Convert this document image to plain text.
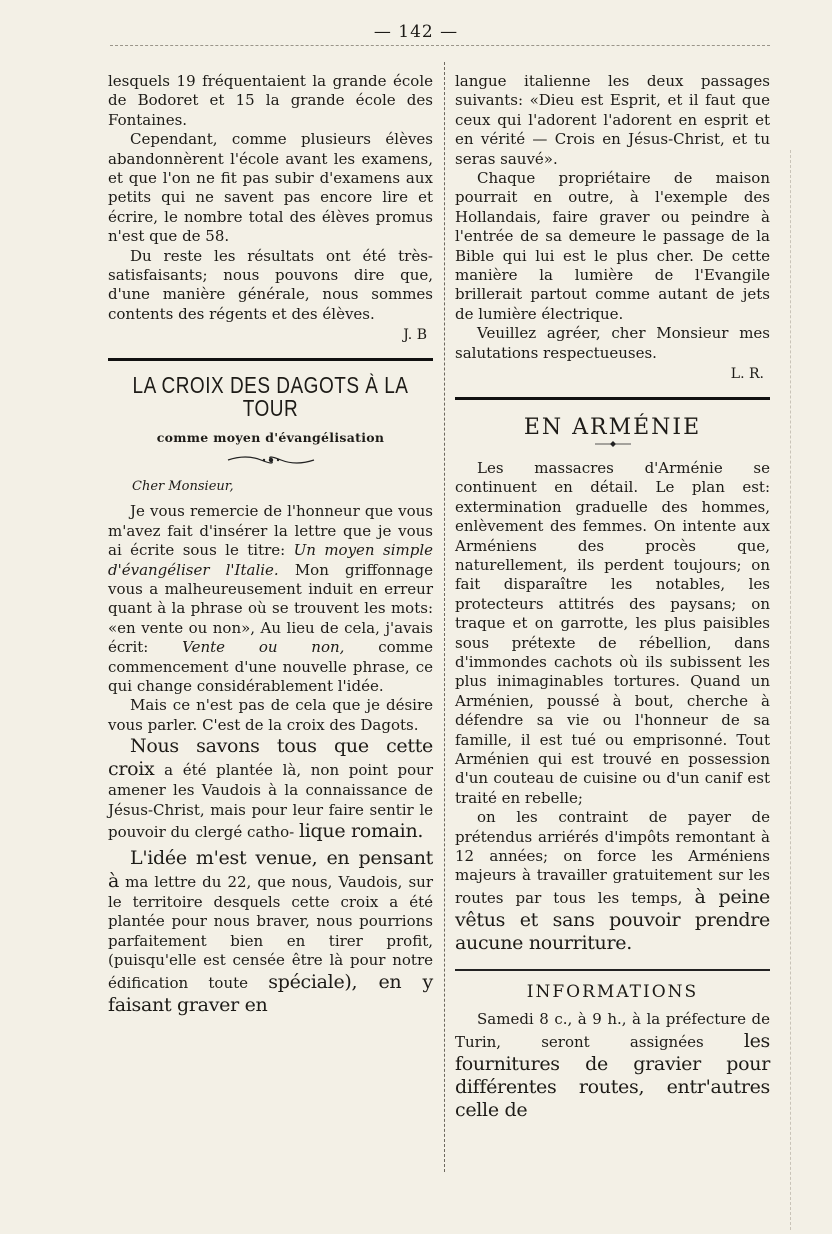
— 142 —

lesquels 19 fréquentaient la grande école de Bodoret et 15 la grande école des Fontaines.

Cependant, comme plusieurs élèves abandonnèrent l'école avant les examens, et que l'on ne fit pas subir d'examens aux petits qui ne savent pas encore lire et écrire, le nombre total des élèves promus n'est que de 58.

Du reste les résultats ont été très-satisfaisants; nous pouvons dire que, d'une manière générale, nous sommes contents des régents et des élèves.

J. B
LA CROIX DES DAGOTS À LA TOUR
comme moyen d'évangélisation
Cher Monsieur,

Je vous remercie de l'honneur que vous m'avez fait d'insérer la lettre que je vous ai écrite sous le titre: Un moyen simple d'évangéliser l'Italie. Mon griffonnage vous a malheureusement induit en erreur quant à la phrase où se trouvent les mots: «en vente ou non», Au lieu de cela, j'avais écrit: Vente ou non, comme commencement d'une nouvelle phrase, ce qui change considérablement l'idée.

Mais ce n'est pas de cela que je désire vous parler. C'est de la croix des Dagots.

Nous savons tous que cette croix a été plantée là, non point pour amener les Vaudois à la connaissance de Jésus-Christ, mais pour leur faire sentir le pouvoir du clergé catho- lique romain.

L'idée m'est venue, en pensant à ma lettre du 22, que nous, Vaudois, sur le territoire desquels cette croix a été plantée pour nous braver, nous pourrions parfaitement bien en tirer profit, (puisqu'elle est censée être là pour notre édification toute spéciale), en y faisant graver en

langue italienne les deux passages suivants: «Dieu est Esprit, et il faut que ceux qui l'adorent l'adorent en esprit et en vérité — Crois en Jésus-Christ, et tu seras sauvé».

Chaque propriétaire de maison pourrait en outre, à l'exemple des Hollandais, faire graver ou peindre à l'entrée de sa demeure le passage de la Bible qui lui est le plus cher. De cette manière la lumière de l'Evangile brillerait partout comme autant de jets de lumière électrique.

Veuillez agréer, cher Monsieur mes salutations respectueuses.

L. R.
EN ARMÉNIE

Les massacres d'Arménie se continuent en détail. Le plan est: extermination graduelle des hommes, enlèvement des femmes. On intente aux Arméniens des procès que, naturellement, ils perdent toujours; on fait disparaître les notables, les protecteurs attitrés des paysans; on traque et on garrotte, les plus paisibles sous prétexte de rébellion, dans d'immondes cachots où ils subissent les plus inimaginables tortures. Quand un Arménien, poussé à bout, cherche à défendre sa vie ou l'honneur de sa famille, il est tué ou emprisonné. Tout Arménien qui est trouvé en possession d'un couteau de cuisine ou d'un canif est traité en rebelle;

on les contraint de payer de prétendus arriérés d'impôts remontant à 12 années; on force les Arméniens majeurs à travailler gratuitement sur les routes par tous les temps, à peine vêtus et sans pouvoir prendre aucune nourriture.

INFORMATIONS

Samedi 8 c., à 9 h., à la préfecture de Turin, seront assignées les fournitures de gravier pour différentes routes, entr'autres celle de
